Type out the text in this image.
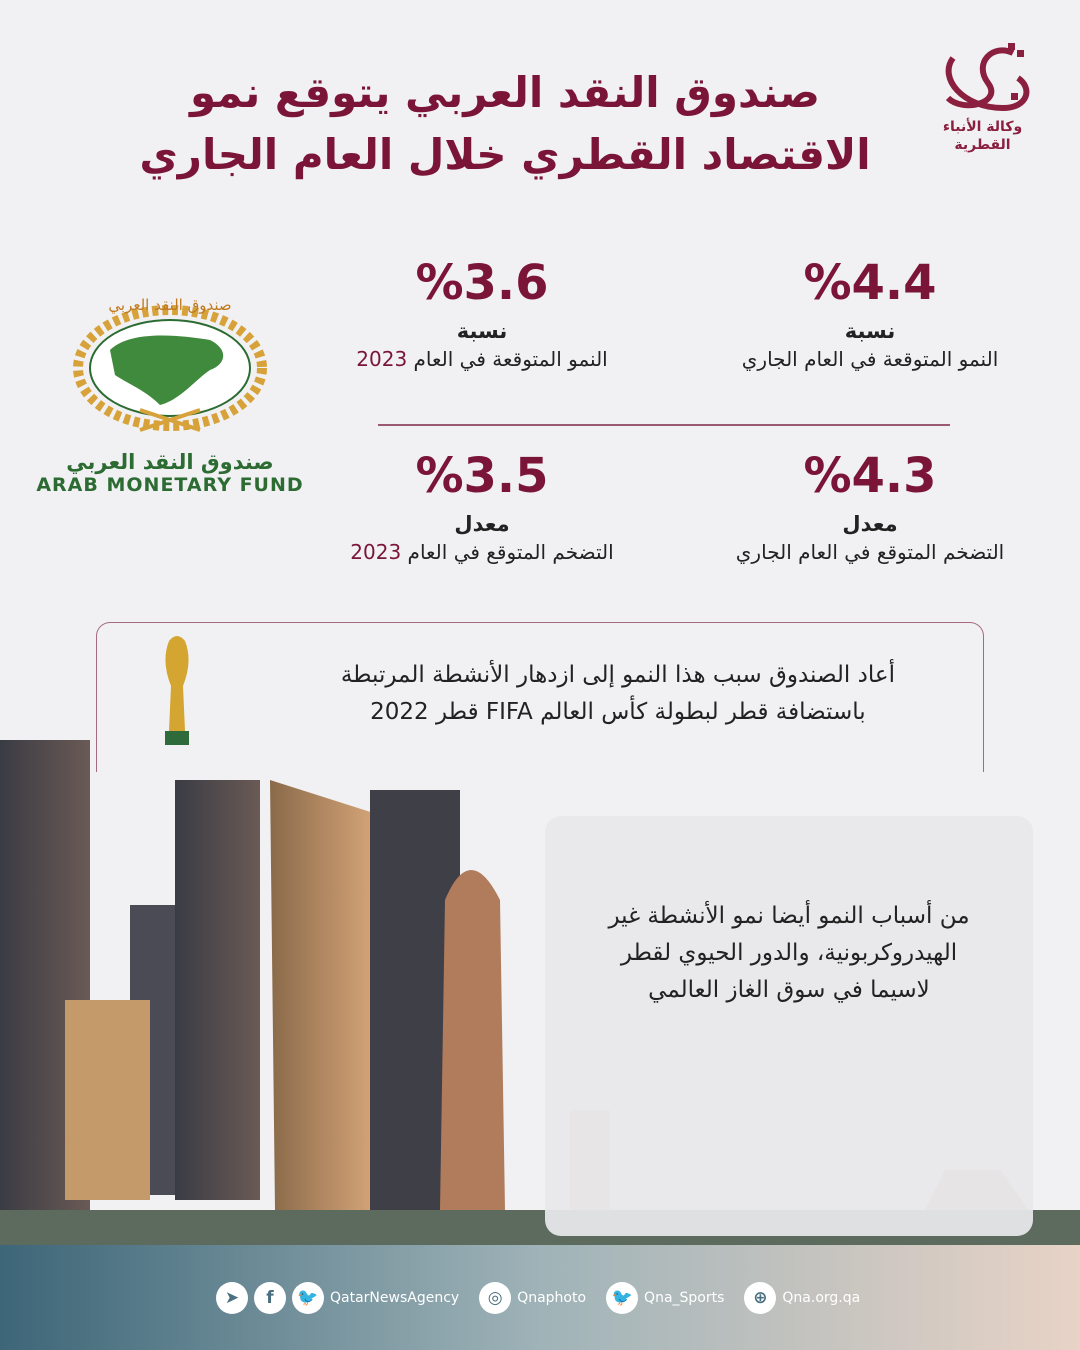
صندوق النقد العربي يتوقع نمو
الاقتصاد القطري خلال العام الجاري
وكالة الأنباء
القطرية
صندوق النقد العربي
صندوق النقد العربي
ARAB MONETARY FUND
%4.4
نسبة
النمو المتوقعة في العام الجاري
%3.6
نسبة
النمو المتوقعة في العام 2023
%4.3
معدل
التضخم المتوقع في العام الجاري
%3.5
معدل
التضخم المتوقع في العام 2023
أعاد الصندوق سبب هذا النمو إلى ازدهار الأنشطة المرتبطة
باستضافة قطر لبطولة كأس العالم FIFA قطر 2022
من أسباب النمو أيضا نمو الأنشطة غير
الهيدروكربونية، والدور الحيوي لقطر
لاسيما في سوق الغاز العالمي
➤	f	🐦 QatarNewsAgency	◎	Qnaphoto	🐦 Qna_Sports	⊕	Qna.org.qa
